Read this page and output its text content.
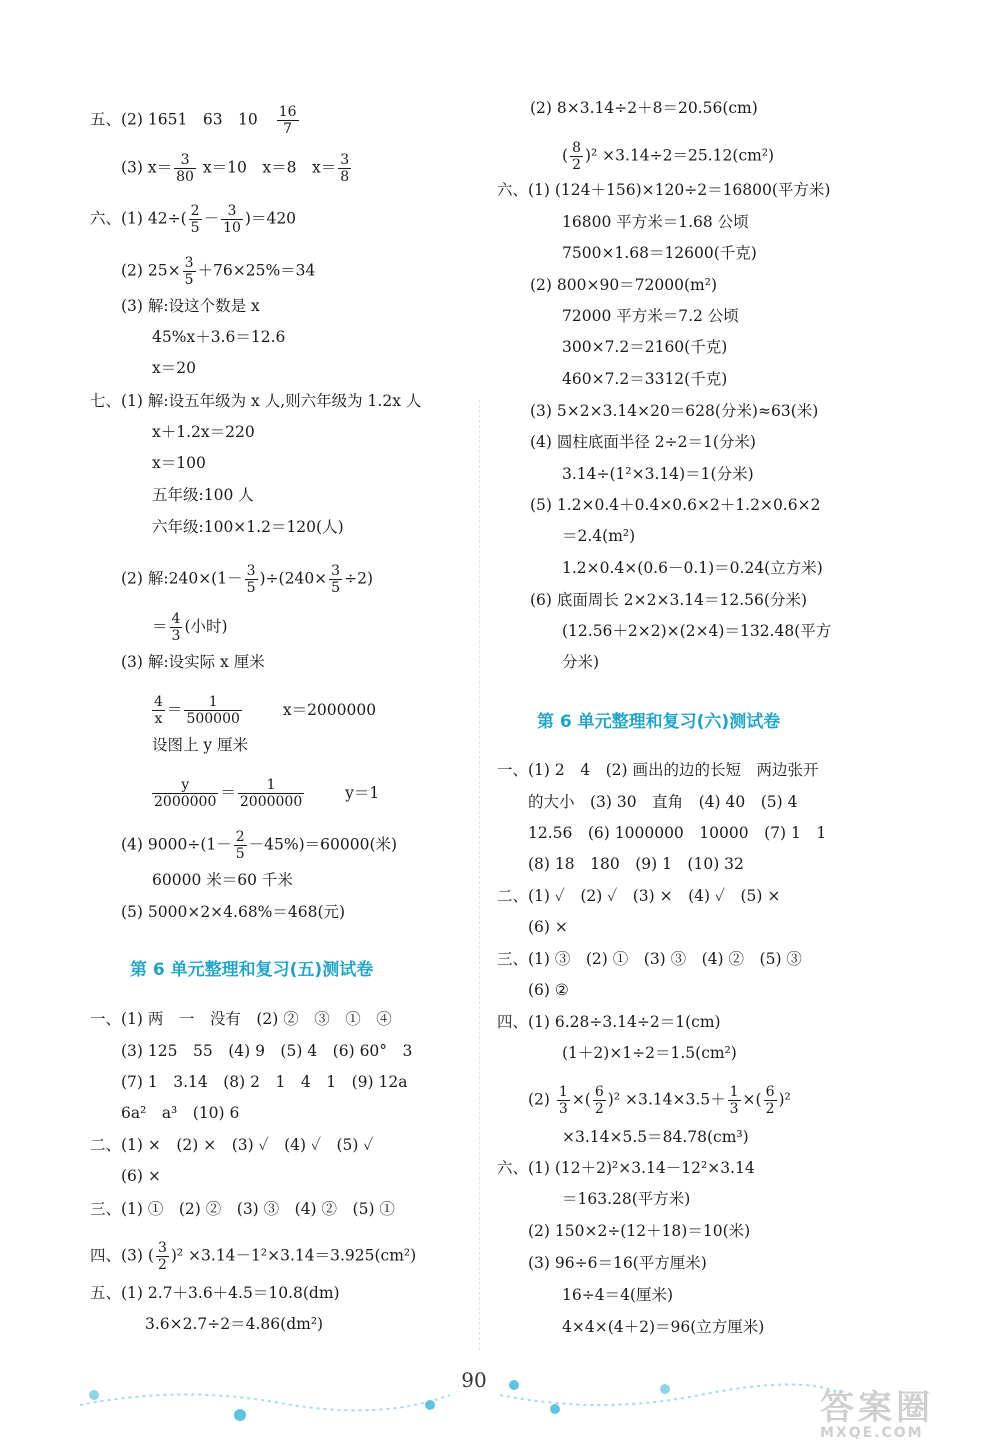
五、(2) 1651　63　$10 \frac{16}{7}$
(3) $x= \frac{3}{80} x=10$　x＝8　$x= \frac{3}{8}$
六、(1) $42\div( \frac{2}{5} - \frac{3}{10} )=420$
(2) $25\times \frac{3}{5} +76\times 25\%=34$
(3) 解:设这个数是 x
45%x＋3.6＝12.6
x＝20
七、(1) 解:设五年级为 x 人,则六年级为 1.2x 人
x＋1.2x＝220
x＝100
五年级:100 人
六年级:100×1.2＝120(人)
(2) 解:240×(1－ $\frac{3}{5} )\div(240\times \frac{3}{5} \div 2)$
＝ $\frac{4}{3}$ (小时)
(3) 解:设实际 x 厘米
$\frac{4}{x} = \frac{1}{500000}$	x＝2000000
设图上 y 厘米
$\frac{y}{2000000} = \frac{1}{2000000}$	y＝1
(4) $9000\div(1- \frac{2}{5} -45\%)=60000$(米)
60000 米＝60 千米
(5) 5000×2×4.68%＝468(元)
第 6 单元整理和复习(五)测试卷
一、(1) 两　一　没有　(2) ②　③　①　④
(3) 125　55　(4) 9　(5) 4　(6) 60°　3
(7) 1　3.14　(8) 2　1　4　1　(9) 12a
6a²　a³　(10) 6
二、(1) ×　(2) ×　(3) ✓　(4) ✓　(5) ✓
(6) ×
三、(1) ①　(2) ②　(3) ③　(4) ②　(5) ①
四、(3) ( $\frac{3}{2} )^2 \times 3.14-1^2\times 3.14=3.925(cm^2)$
五、(1) 2.7＋3.6＋4.5＝10.8(dm)
3.6×2.7÷2＝4.86(dm²)
(2) 8×3.14÷2＋8＝20.56(cm)
( $\frac{8}{2} )^2 \times 3.14\div 2=25.12(cm^2)$
六、(1) (124＋156)×120÷2＝16800(平方米)
16800 平方米＝1.68 公顷
7500×1.68＝12600(千克)
(2) 800×90＝72000(m²)
72000 平方米＝7.2 公顷
300×7.2＝2160(千克)
460×7.2＝3312(千克)
(3) 5×2×3.14×20＝628(分米)≈63(米)
(4) 圆柱底面半径 2÷2＝1(分米)
3.14÷(1²×3.14)＝1(分米)
(5) 1.2×0.4＋0.4×0.6×2＋1.2×0.6×2
＝2.4(m²)
1.2×0.4×(0.6－0.1)＝0.24(立方米)
(6) 底面周长 2×2×3.14＝12.56(分米)
(12.56＋2×2)×(2×4)＝132.48(平方
分米)
第 6 单元整理和复习(六)测试卷
一、(1) 2　4　(2) 画出的边的长短　两边张开
的大小　(3) 30　直角　(4) 40　(5) 4
12.56　(6) 1000000　10000　(7) 1　1
(8) 18　180　(9) 1　(10) 32
二、(1) ✓　(2) ✓　(3) ×　(4) ✓　(5) ×
(6) ×
三、(1) ③　(2) ①　(3) ③　(4) ②　(5) ③
(6) ②
四、(1) 6.28÷3.14÷2＝1(cm)
(1＋2)×1÷2＝1.5(cm²)
$(2) \frac{1}{3}$ ×( $\frac{6}{2} )^2 \times 3.14\times 3.5+ \frac{1}{3}$ ×( $\frac{6}{2} )^2$
×3.14×5.5＝84.78(cm³)
六、(1) (12＋2)²×3.14－12²×3.14
＝163.28(平方米)
(2) 150×2÷(12＋18)＝10(米)
(3) 96÷6＝16(平方厘米)
16÷4＝4(厘米)
4×4×(4＋2)＝96(立方厘米)
90
答案圈
MXQE.COM
